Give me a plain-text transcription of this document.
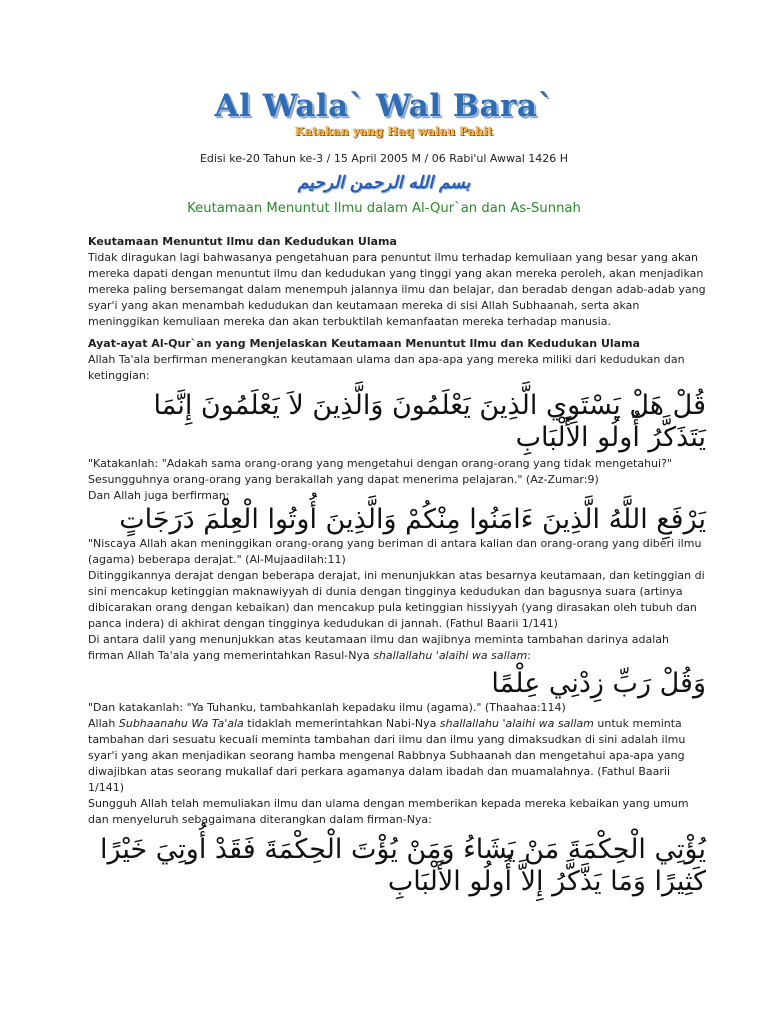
Al Wala` Wal Bara`
Katakan yang Haq walau Pahit
Edisi ke-20 Tahun ke-3 / 15 April 2005 M / 06 Rabi'ul Awwal 1426 H
بسم الله الرحمن الرحيم
Keutamaan Menuntut Ilmu dalam Al-Qur`an dan As-Sunnah

Keutamaan Menuntut Ilmu dan Kedudukan Ulama

Tidak diragukan lagi bahwasanya pengetahuan para penuntut ilmu terhadap kemuliaan yang besar yang akan mereka dapati dengan menuntut ilmu dan kedudukan yang tinggi yang akan mereka peroleh, akan menjadikan mereka paling bersemangat dalam menempuh jalannya ilmu dan belajar, dan beradab dengan adab-adab yang syar'i yang akan menambah kedudukan dan keutamaan mereka di sisi Allah Subhaanah, serta akan meninggikan kemuliaan mereka dan akan terbuktilah kemanfaatan mereka terhadap manusia.

Ayat-ayat Al-Qur`an yang Menjelaskan Keutamaan Menuntut Ilmu dan Kedudukan Ulama

Allah Ta'ala berfirman menerangkan keutamaan ulama dan apa-apa yang mereka miliki dari kedudukan dan ketinggian:

قُلْ هَلْ يَسْتَوِي الَّذِينَ يَعْلَمُونَ وَالَّذِينَ لاَ يَعْلَمُونَ إِنَّمَا يَتَذَكَّرُ أُولُو الأَلْبَابِ

"Katakanlah: "Adakah sama orang-orang yang mengetahui dengan orang-orang yang tidak mengetahui?" Sesungguhnya orang-orang yang berakallah yang dapat menerima pelajaran." (Az-Zumar:9)

Dan Allah juga berfirman:

يَرْفَعِ اللَّهُ الَّذِينَ ءَامَنُوا مِنْكُمْ وَالَّذِينَ أُوتُوا الْعِلْمَ دَرَجَاتٍ

"Niscaya Allah akan meninggikan orang-orang yang beriman di antara kalian dan orang-orang yang diberi ilmu (agama) beberapa derajat." (Al-Mujaadilah:11)

Ditinggikannya derajat dengan beberapa derajat, ini menunjukkan atas besarnya keutamaan, dan ketinggian di sini mencakup ketinggian maknawiyyah di dunia dengan tingginya kedudukan dan bagusnya suara (artinya dibicarakan orang dengan kebaikan) dan mencakup pula ketinggian hissiyyah (yang dirasakan oleh tubuh dan panca indera) di akhirat dengan tingginya kedudukan di jannah. (Fathul Baarii 1/141)

Di antara dalil yang menunjukkan atas keutamaan ilmu dan wajibnya meminta tambahan darinya adalah firman Allah Ta'ala yang memerintahkan Rasul-Nya shallallahu 'alaihi wa sallam:

وَقُلْ رَبِّ زِدْنِي عِلْمًا

"Dan katakanlah: "Ya Tuhanku, tambahkanlah kepadaku ilmu (agama)." (Thaahaa:114)

Allah Subhaanahu Wa Ta'ala tidaklah memerintahkan Nabi-Nya shallallahu 'alaihi wa sallam untuk meminta tambahan dari sesuatu kecuali meminta tambahan dari ilmu dan ilmu yang dimaksudkan di sini adalah ilmu syar'i yang akan menjadikan seorang hamba mengenal Rabbnya Subhaanah dan mengetahui apa-apa yang diwajibkan atas seorang mukallaf dari perkara agamanya dalam ibadah dan muamalahnya. (Fathul Baarii 1/141)

Sungguh Allah telah memuliakan ilmu dan ulama dengan memberikan kepada mereka kebaikan yang umum dan menyeluruh sebagaimana diterangkan dalam firman-Nya:

يُؤْتِي الْحِكْمَةَ مَنْ يَشَاءُ وَمَنْ يُؤْتَ الْحِكْمَةَ فَقَدْ أُوتِيَ خَيْرًا كَثِيرًا وَمَا يَذَّكَّرُ إِلاَّ أُولُو الأَلْبَابِ
